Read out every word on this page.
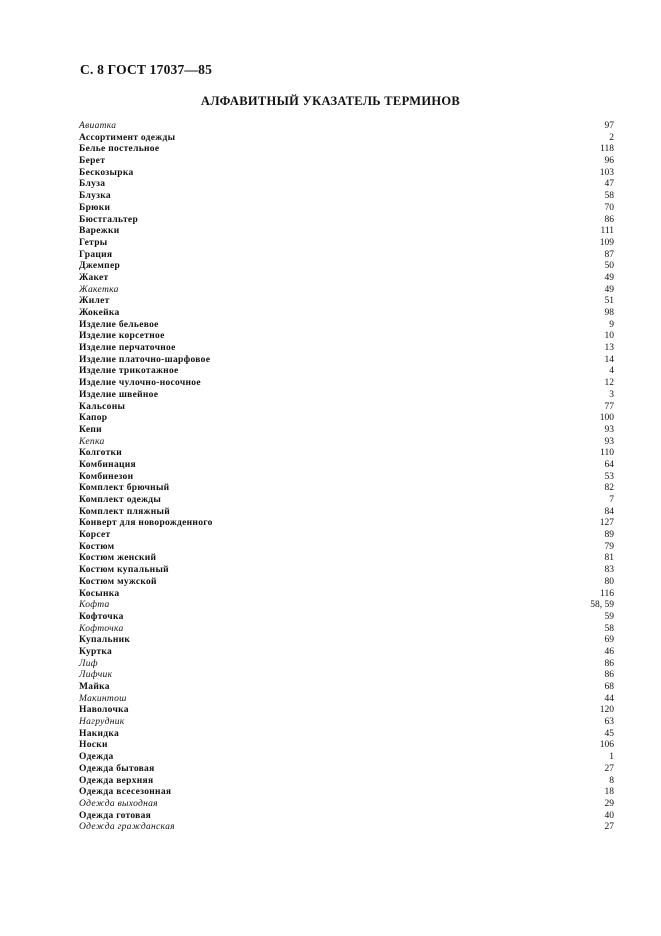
С. 8 ГОСТ 17037—85
АЛФАВИТНЫЙ УКАЗАТЕЛЬ ТЕРМИНОВ
Авиатка	97
Ассортимент одежды	2
Белье постельное	118
Берет	96
Бескозырка	103
Блуза	47
Блузка	58
Брюки	70
Бюстгальтер	86
Варежки	111
Гетры	109
Грация	87
Джемпер	50
Жакет	49
Жакетка	49
Жилет	51
Жокейка	98
Изделие бельевое	9
Изделие корсетное	10
Изделие перчаточное	13
Изделие платочно-шарфовое	14
Изделие трикотажное	4
Изделие чулочно-носочное	12
Изделие швейное	3
Кальсоны	77
Капор	100
Кепи	93
Кепка	93
Колготки	110
Комбинация	64
Комбинезон	53
Комплект брючный	82
Комплект одежды	7
Комплект пляжный	84
Конверт для новорожденного	127
Корсет	89
Костюм	79
Костюм женский	81
Костюм купальный	83
Костюм мужской	80
Косынка	116
Кофта	58, 59
Кофточка	59
Кофточка	58
Купальник	69
Куртка	46
Лиф	86
Лифчик	86
Майка	68
Макинтош	44
Наволочка	120
Нагрудник	63
Накидка	45
Носки	106
Одежда	1
Одежда бытовая	27
Одежда верхняя	8
Одежда всесезонная	18
Одежда выходная	29
Одежда готовая	40
Одежда гражданская	27
